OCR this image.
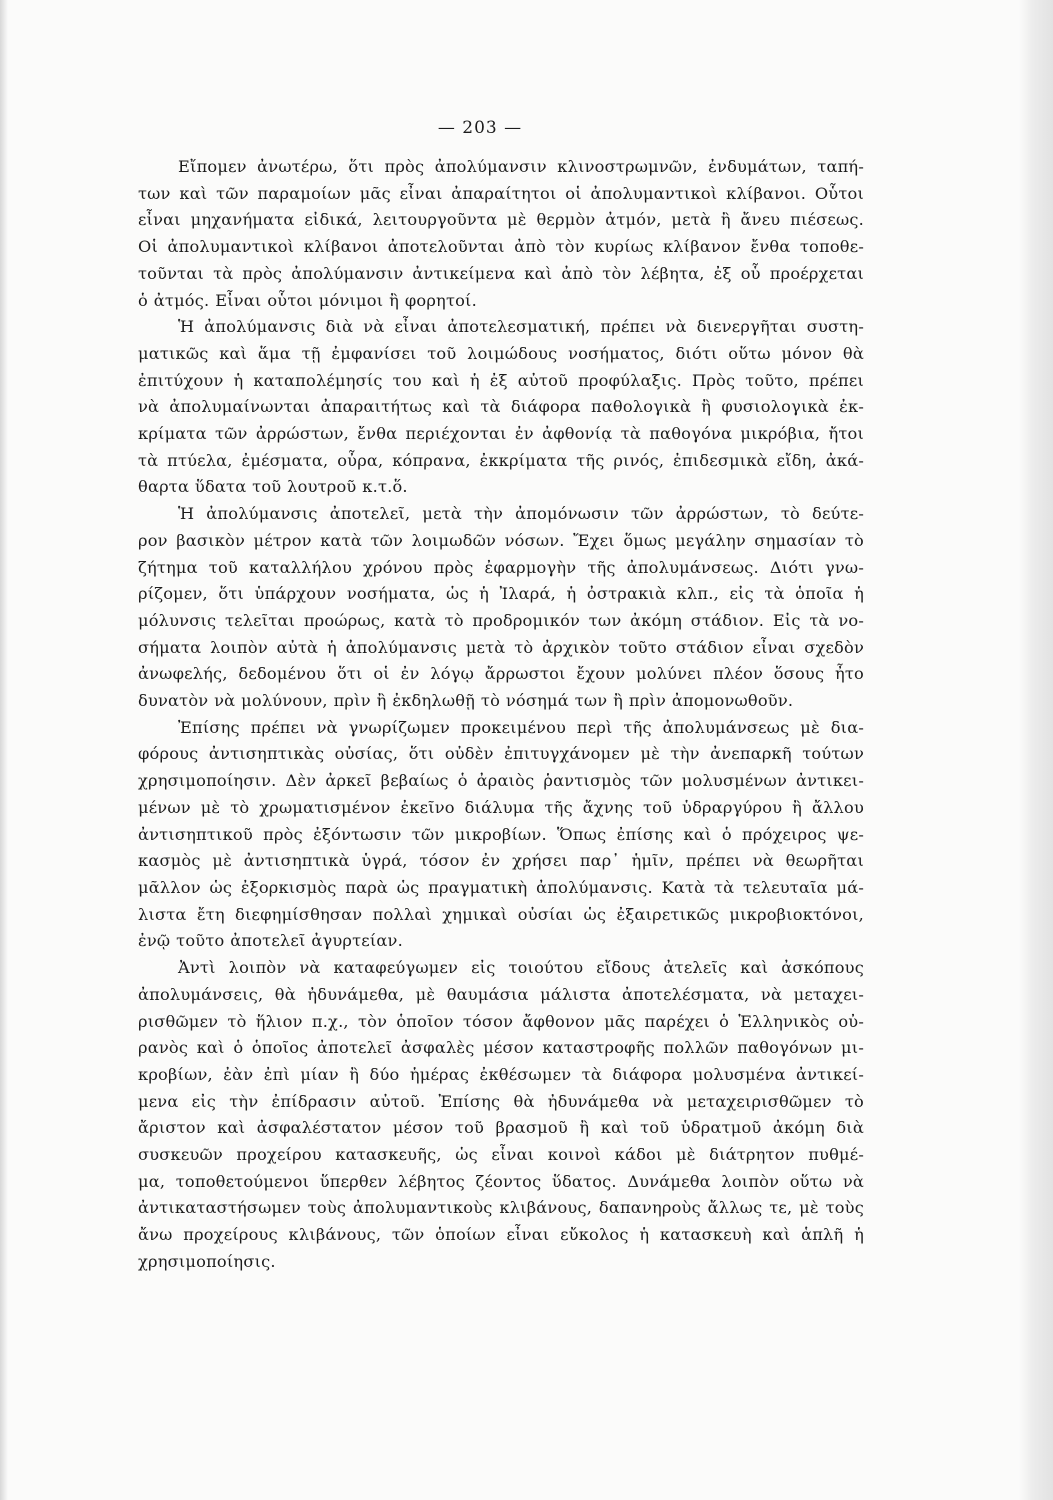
— 203 —
Εἴπομεν ἀνωτέρω, ὅτι πρὸς ἀπολύμανσιν κλινοστρωμνῶν, ἐνδυμάτων, ταπή-
των καὶ τῶν παραμοίων μᾶς εἶναι ἀπαραίτητοι οἱ ἀπολυμαντικοὶ κλίβανοι. Οὗτοι
εἶναι μηχανήματα εἰδικά, λειτουργοῦντα μὲ θερμὸν ἀτμόν, μετὰ ἢ ἄνευ πιέσεως.
Οἱ ἀπολυμαντικοὶ κλίβανοι ἀποτελοῦνται ἀπὸ τὸν κυρίως κλίβανον ἔνθα τοποθε-
τοῦνται τὰ πρὸς ἀπολύμανσιν ἀντικείμενα καὶ ἀπὸ τὸν λέβητα, ἐξ οὗ προέρχεται
ὁ ἀτμός. Εἶναι οὗτοι μόνιμοι ἢ φορητοί.
Ἡ ἀπολύμανσις διὰ νὰ εἶναι ἀποτελεσματική, πρέπει νὰ διενεργῆται συστη-
ματικῶς καὶ ἅμα τῇ ἐμφανίσει τοῦ λοιμώδους νοσήματος, διότι οὕτω μόνον θὰ
ἐπιτύχουν ἡ καταπολέμησίς του καὶ ἡ ἐξ αὐτοῦ προφύλαξις. Πρὸς τοῦτο, πρέπει
νὰ ἀπολυμαίνωνται ἀπαραιτήτως καὶ τὰ διάφορα παθολογικὰ ἢ φυσιολογικὰ ἐκ-
κρίματα τῶν ἀρρώστων, ἔνθα περιέχονται ἐν ἀφθονίᾳ τὰ παθογόνα μικρόβια, ἤτοι
τὰ πτύελα, ἐμέσματα, οὖρα, κόπρανα, ἐκκρίματα τῆς ρινός, ἐπιδεσμικὰ εἴδη, ἀκά-
θαρτα ὕδατα τοῦ λουτροῦ κ.τ.ὅ.
Ἡ ἀπολύμανσις ἀποτελεῖ, μετὰ τὴν ἀπομόνωσιν τῶν ἀρρώστων, τὸ δεύτε-
ρον βασικὸν μέτρον κατὰ τῶν λοιμωδῶν νόσων. Ἔχει ὅμως μεγάλην σημασίαν τὸ
ζήτημα τοῦ καταλλήλου χρόνου πρὸς ἐφαρμογὴν τῆς ἀπολυμάνσεως. Διότι γνω-
ρίζομεν, ὅτι ὑπάρχουν νοσήματα, ὡς ἡ Ἰλαρά, ἡ ὀστρακιὰ κλπ., εἰς τὰ ὁποῖα ἡ
μόλυνσις τελεῖται προώρως, κατὰ τὸ προδρομικόν των ἀκόμη στάδιον. Εἰς τὰ νο-
σήματα λοιπὸν αὐτὰ ἡ ἀπολύμανσις μετὰ τὸ ἀρχικὸν τοῦτο στάδιον εἶναι σχεδὸν
ἀνωφελής, δεδομένου ὅτι οἱ ἐν λόγῳ ἄρρωστοι ἔχουν μολύνει πλέον ὅσους ἦτο
δυνατὸν νὰ μολύνουν, πρὶν ἢ ἐκδηλωθῇ τὸ νόσημά των ἢ πρὶν ἀπομονωθοῦν.
Ἐπίσης πρέπει νὰ γνωρίζωμεν προκειμένου περὶ τῆς ἀπολυμάνσεως μὲ δια-
φόρους ἀντισηπτικὰς οὐσίας, ὅτι οὐδὲν ἐπιτυγχάνομεν μὲ τὴν ἀνεπαρκῆ τούτων
χρησιμοποίησιν. Δὲν ἀρκεῖ βεβαίως ὁ ἀραιὸς ῥαντισμὸς τῶν μολυσμένων ἀντικει-
μένων μὲ τὸ χρωματισμένον ἐκεῖνο διάλυμα τῆς ἄχνης τοῦ ὑδραργύρου ἢ ἄλλου
ἀντισηπτικοῦ πρὸς ἐξόντωσιν τῶν μικροβίων. Ὅπως ἐπίσης καὶ ὁ πρόχειρος ψε-
κασμὸς μὲ ἀντισηπτικὰ ὑγρά, τόσον ἐν χρήσει παρ᾽ ἡμῖν, πρέπει νὰ θεωρῆται
μᾶλλον ὡς ἐξορκισμὸς παρὰ ὡς πραγματικὴ ἀπολύμανσις. Κατὰ τὰ τελευταῖα μά-
λιστα ἔτη διεφημίσθησαν πολλαὶ χημικαὶ οὐσίαι ὡς ἐξαιρετικῶς μικροβιοκτόνοι,
ἐνῷ τοῦτο ἀποτελεῖ ἀγυρτείαν.
Ἀντὶ λοιπὸν νὰ καταφεύγωμεν εἰς τοιούτου εἴδους ἀτελεῖς καὶ ἀσκόπους
ἀπολυμάνσεις, θὰ ἠδυνάμεθα, μὲ θαυμάσια μάλιστα ἀποτελέσματα, νὰ μεταχει-
ρισθῶμεν τὸ ἥλιον π.χ., τὸν ὁποῖον τόσον ἄφθονον μᾶς παρέχει ὁ Ἑλληνικὸς οὐ-
ρανὸς καὶ ὁ ὁποῖος ἀποτελεῖ ἀσφαλὲς μέσον καταστροφῆς πολλῶν παθογόνων μι-
κροβίων, ἐὰν ἐπὶ μίαν ἢ δύο ἡμέρας ἐκθέσωμεν τὰ διάφορα μολυσμένα ἀντικεί-
μενα εἰς τὴν ἐπίδρασιν αὐτοῦ. Ἐπίσης θὰ ἠδυνάμεθα νὰ μεταχειρισθῶμεν τὸ
ἄριστον καὶ ἀσφαλέστατον μέσον τοῦ βρασμοῦ ἢ καὶ τοῦ ὑδρατμοῦ ἀκόμη διὰ
συσκευῶν προχείρου κατασκευῆς, ὡς εἶναι κοινοὶ κάδοι μὲ διάτρητον πυθμέ-
μα, τοποθετούμενοι ὕπερθεν λέβητος ζέοντος ὕδατος. Δυνάμεθα λοιπὸν οὕτω νὰ
ἀντικαταστήσωμεν τοὺς ἀπολυμαντικοὺς κλιβάνους, δαπανηροὺς ἄλλως τε, μὲ τοὺς
ἄνω προχείρους κλιβάνους, τῶν ὁποίων εἶναι εὔκολος ἡ κατασκευὴ καὶ ἁπλῆ ἡ
χρησιμοποίησις.
